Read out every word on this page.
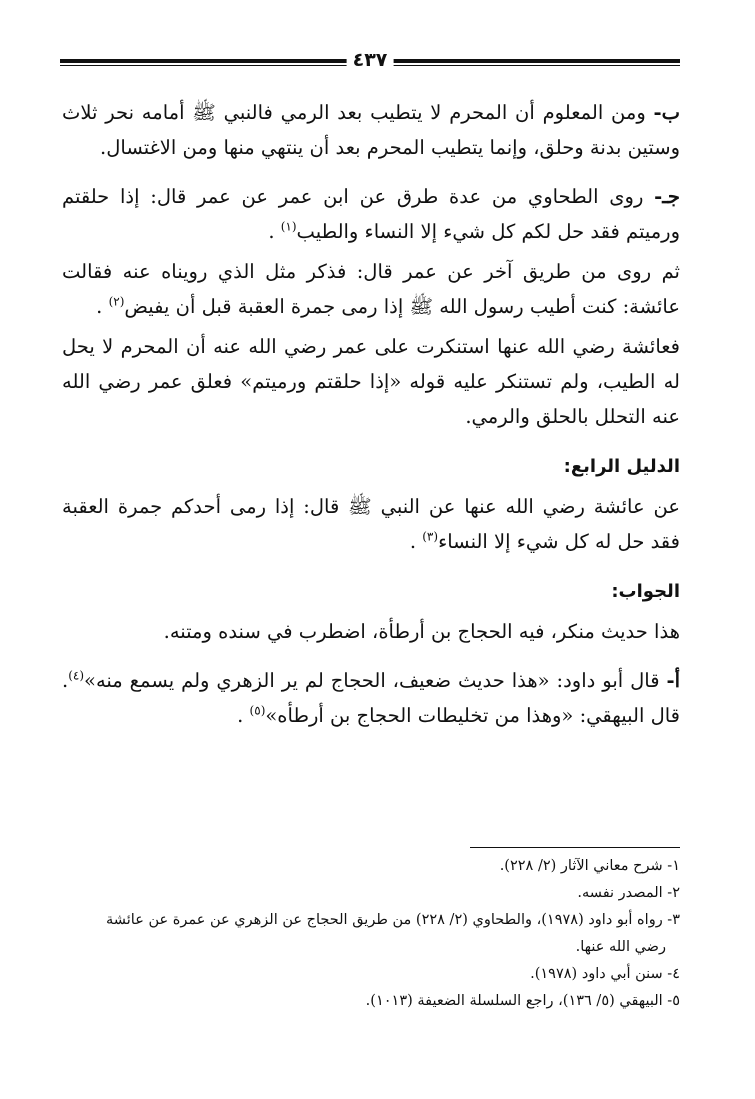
٤٣٧

ب- ومن المعلوم أن المحرم لا يتطيب بعد الرمي فالنبي ﷺ أمامه نحر ثلاث وستين بدنة وحلق، وإنما يتطيب المحرم بعد أن ينتهي منها ومن الاغتسال.

جـ- روى الطحاوي من عدة طرق عن ابن عمر عن عمر قال: إذا حلقتم ورميتم فقد حل لكم كل شيء إلا النساء والطيب$^{(١)}$ .

ثم روى من طريق آخر عن عمر قال: فذكر مثل الذي رويناه عنه فقالت عائشة: كنت أطيب رسول الله ﷺ إذا رمى جمرة العقبة قبل أن يفيض$^{(٢)}$ .

فعائشة رضي الله عنها استنكرت على عمر رضي الله عنه أن المحرم لا يحل له الطيب، ولم تستنكر عليه قوله «إذا حلقتم ورميتم» فعلق عمر رضي الله عنه التحلل بالحلق والرمي.

الدليل الرابع:

عن عائشة رضي الله عنها عن النبي ﷺ قال: إذا رمى أحدكم جمرة العقبة فقد حل له كل شيء إلا النساء$^{(٣)}$ .

الجواب:

هذا حديث منكر، فيه الحجاج بن أرطأة، اضطرب في سنده ومتنه.

أ- قال أبو داود: «هذا حديث ضعيف، الحجاج لم ير الزهري ولم يسمع منه»$^{(٤)}$. قال البيهقي: «وهذا من تخليطات الحجاج بن أرطأه»$^{(٥)}$ .

١- شرح معاني الآثار (٢/ ٢٢٨).

٢- المصدر نفسه.

٣- رواه أبو داود (١٩٧٨)، والطحاوي (٢/ ٢٢٨) من طريق الحجاج عن الزهري عن عمرة عن عائشة

رضي الله عنها.

٤- سنن أبي داود (١٩٧٨).

٥- البيهقي (٥/ ١٣٦)، راجع السلسلة الضعيفة (١٠١٣).
